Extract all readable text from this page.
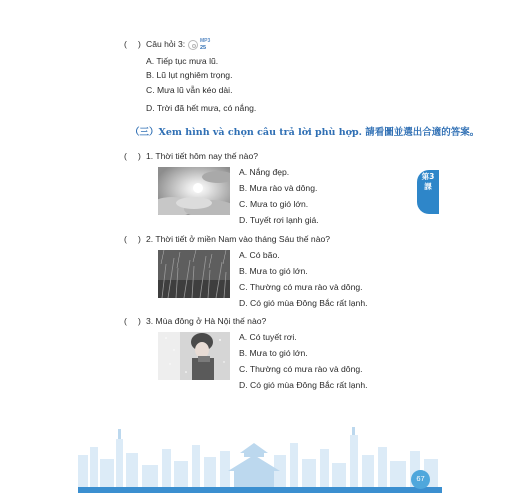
( ) Câu hỏi 3:	MP3
25
A. Tiếp tục mưa lũ.
B. Lũ lụt nghiêm trọng.
C. Mưa lũ vẫn kéo dài.
D. Trời đã hết mưa, có nắng.
（三）Xem hình và chọn câu trả lời phù hợp. 請看圖並選出合適的答案。
( ) 1. Thời tiết hôm nay thế nào?
A. Nắng đẹp.
B. Mưa rào và dông.
C. Mưa to gió lớn.
D. Tuyết rơi lạnh giá.
( ) 2. Thời tiết ở miền Nam vào tháng Sáu thế nào?
A. Có bão.
B. Mưa to gió lớn.
C. Thường có mưa rào và dông.
D. Có gió mùa Đông Bắc rất lạnh.
( ) 3. Mùa đông ở Hà Nội thế nào?
A. Có tuyết rơi.
B. Mưa to gió lớn.
C. Thường có mưa rào và dông.
D. Có gió mùa Đông Bắc rất lạnh.
第3課
67
